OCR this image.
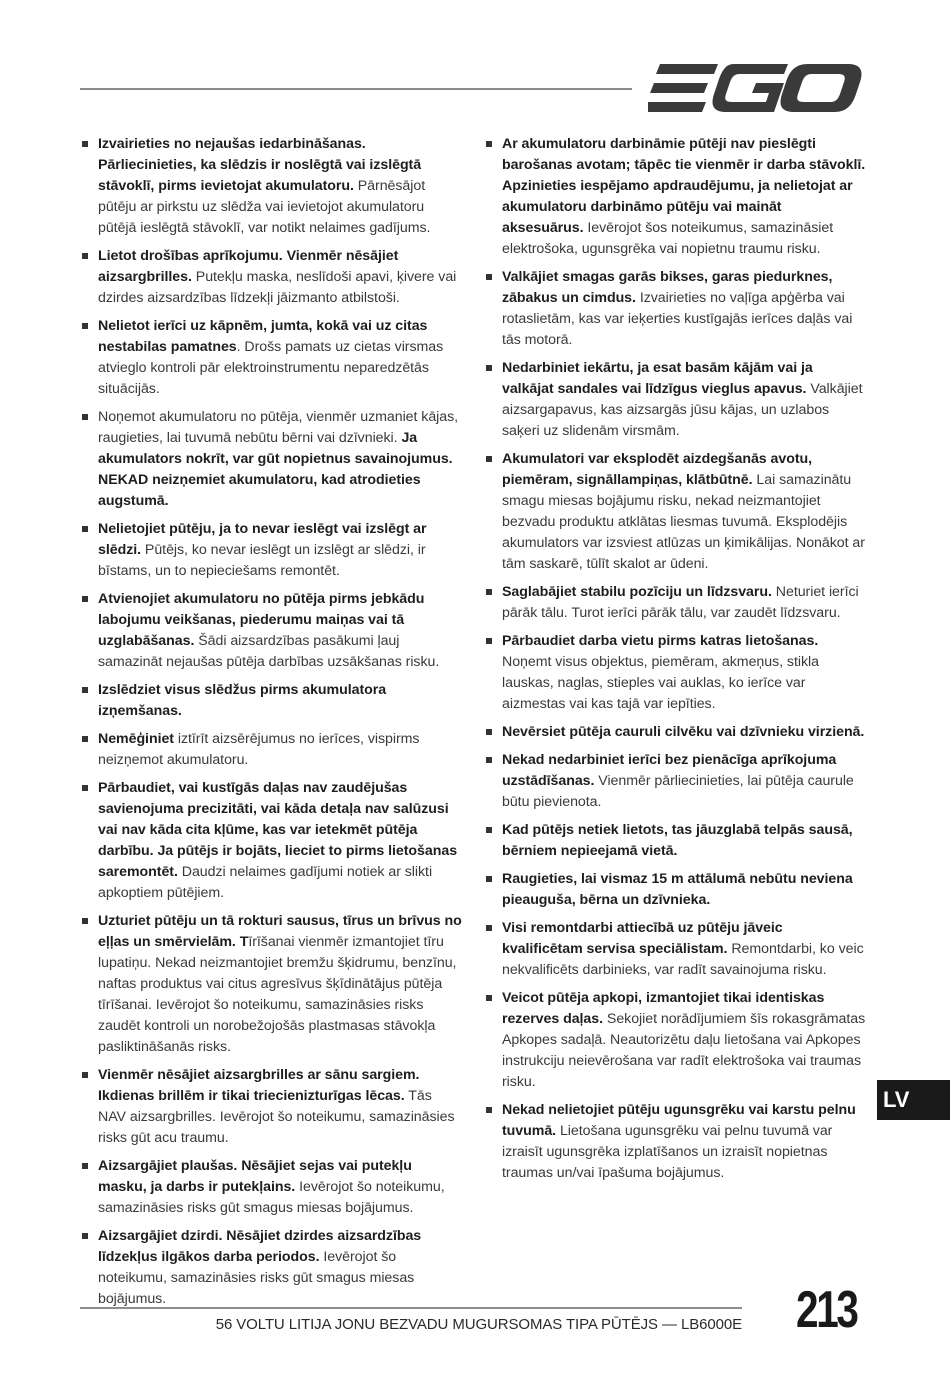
Izvairieties no nejaušas iedarbināšanas. Pārliecinieties, ka slēdzis ir noslēgtā vai izslēgtā stāvoklī, pirms ievietojat akumulatoru. Pārnēsājot pūtēju ar pirkstu uz slēdža vai ievietojot akumulatoru pūtējā ieslēgtā stāvoklī, var notikt nelaimes gadījums.
Lietot drošības aprīkojumu. Vienmēr nēsājiet aizsargbrilles. Putekļu maska, neslīdoši apavi, ķivere vai dzirdes aizsardzības līdzekļi jāizmanto atbilstoši.
Nelietot ierīci uz kāpnēm, jumta, kokā vai uz citas nestabilas pamatnes. Drošs pamats uz cietas virsmas atvieglo kontroli pār elektroinstrumentu neparedzētās situācijās.
Noņemot akumulatoru no pūtēja, vienmēr uzmaniet kājas, raugieties, lai tuvumā nebūtu bērni vai dzīvnieki. Ja akumulators nokrīt, var gūt nopietnus savainojumus. NEKAD neizņemiet akumulatoru, kad atrodieties augstumā.
Nelietojiet pūtēju, ja to nevar ieslēgt vai izslēgt ar slēdzi. Pūtējs, ko nevar ieslēgt un izslēgt ar slēdzi, ir bīstams, un to nepieciešams remontēt.
Atvienojiet akumulatoru no pūtēja pirms jebkādu labojumu veikšanas, piederumu maiņas vai tā uzglabāšanas. Šādi aizsardzības pasākumi ļauj samazināt nejaušas pūtēja darbības uzsākšanas risku.
Izslēdziet visus slēdžus pirms akumulatora izņemšanas.
Nemēģiniet iztīrīt aizsērējumus no ierīces, vispirms neizņemot akumulatoru.
Pārbaudiet, vai kustīgās daļas nav zaudējušas savienojuma precizitāti, vai kāda detaļa nav salūzusi vai nav kāda cita kļūme, kas var ietekmēt pūtēja darbību. Ja pūtējs ir bojāts, lieciet to pirms lietošanas saremontēt. Daudzi nelaimes gadījumi notiek ar slikti apkoptiem pūtējiem.
Uzturiet pūtēju un tā rokturi sausus, tīrus un brīvus no eļļas un smērvielām. Tīrīšanai vienmēr izmantojiet tīru lupatiņu. Nekad neizmantojiet bremžu šķidrumu, benzīnu, naftas produktus vai citus agresīvus šķīdinātājus pūtēja tīrīšanai. Ievērojot šo noteikumu, samazināsies risks zaudēt kontroli un norobežojošās plastmasas stāvokļa pasliktināšanās risks.
Vienmēr nēsājiet aizsargbrilles ar sānu sargiem. Ikdienas brillēm ir tikai triecienizturīgas lēcas. Tās NAV aizsargbrilles. Ievērojot šo noteikumu, samazināsies risks gūt acu traumu.
Aizsargājiet plaušas. Nēsājiet sejas vai putekļu masku, ja darbs ir putekļains. Ievērojot šo noteikumu, samazināsies risks gūt smagus miesas bojājumus.
Aizsargājiet dzirdi. Nēsājiet dzirdes aizsardzības līdzekļus ilgākos darba periodos. Ievērojot šo noteikumu, samazināsies risks gūt smagus miesas bojājumus.
Ar akumulatoru darbināmie pūtēji nav pieslēgti barošanas avotam; tāpēc tie vienmēr ir darba stāvoklī. Apzinieties iespējamo apdraudējumu, ja nelietojat ar akumulatoru darbināmo pūtēju vai maināt aksesuārus. Ievērojot šos noteikumus, samazināsiet elektrošoka, ugunsgrēka vai nopietnu traumu risku.
Valkājiet smagas garās bikses, garas piedurknes, zābakus un cimdus. Izvairieties no vaļīga apģērba vai rotaslietām, kas var ieķerties kustīgajās ierīces daļās vai tās motorā.
Nedarbiniet iekārtu, ja esat basām kājām vai ja valkājat sandales vai līdzīgus vieglus apavus. Valkājiet aizsargapavus, kas aizsargās jūsu kājas, un uzlabos saķeri uz slidenām virsmām.
Akumulatori var eksplodēt aizdegšanās avotu, piemēram, signāllampiņas, klātbūtnē. Lai samazinātu smagu miesas bojājumu risku, nekad neizmantojiet bezvadu produktu atklātas liesmas tuvumā. Eksplodējis akumulators var izsviest atlūzas un ķimikālijas. Nonākot ar tām saskarē, tūlīt skalot ar ūdeni.
Saglabājiet stabilu pozīciju un līdzsvaru. Neturiet ierīci pārāk tālu. Turot ierīci pārāk tālu, var zaudēt līdzsvaru.
Pārbaudiet darba vietu pirms katras lietošanas. Noņemt visus objektus, piemēram, akmeņus, stikla lauskas, naglas, stieples vai auklas, ko ierīce var aizmestas vai kas tajā var iepīties.
Nevērsiet pūtēja cauruli cilvēku vai dzīvnieku virzienā.
Nekad nedarbiniet ierīci bez pienācīga aprīkojuma uzstādīšanas. Vienmēr pārliecinieties, lai pūtēja caurule būtu pievienota.
Kad pūtējs netiek lietots, tas jāuzglabā telpās sausā, bērniem nepieejamā vietā.
Raugieties, lai vismaz 15 m attālumā nebūtu neviena pieauguša, bērna un dzīvnieka.
Visi remontdarbi attiecībā uz pūtēju jāveic kvalificētam servisa speciālistam. Remontdarbi, ko veic nekvalificēts darbinieks, var radīt savainojuma risku.
Veicot pūtēja apkopi, izmantojiet tikai identiskas rezerves daļas. Sekojiet norādījumiem šīs rokasgrāmatas Apkopes sadaļā. Neautorizētu daļu lietošana vai Apkopes instrukciju neievērošana var radīt elektrošoka vai traumas risku.
Nekad nelietojiet pūtēju ugunsgrēku vai karstu pelnu tuvumā. Lietošana ugunsgrēku vai pelnu tuvumā var izraisīt ugunsgrēka izplatīšanos un izraisīt nopietnas traumas un/vai īpašuma bojājumus.
LV
56 VOLTU LITIJA JONU BEZVADU MUGURSOMAS TIPA PŪTĒJS — LB6000E 213
